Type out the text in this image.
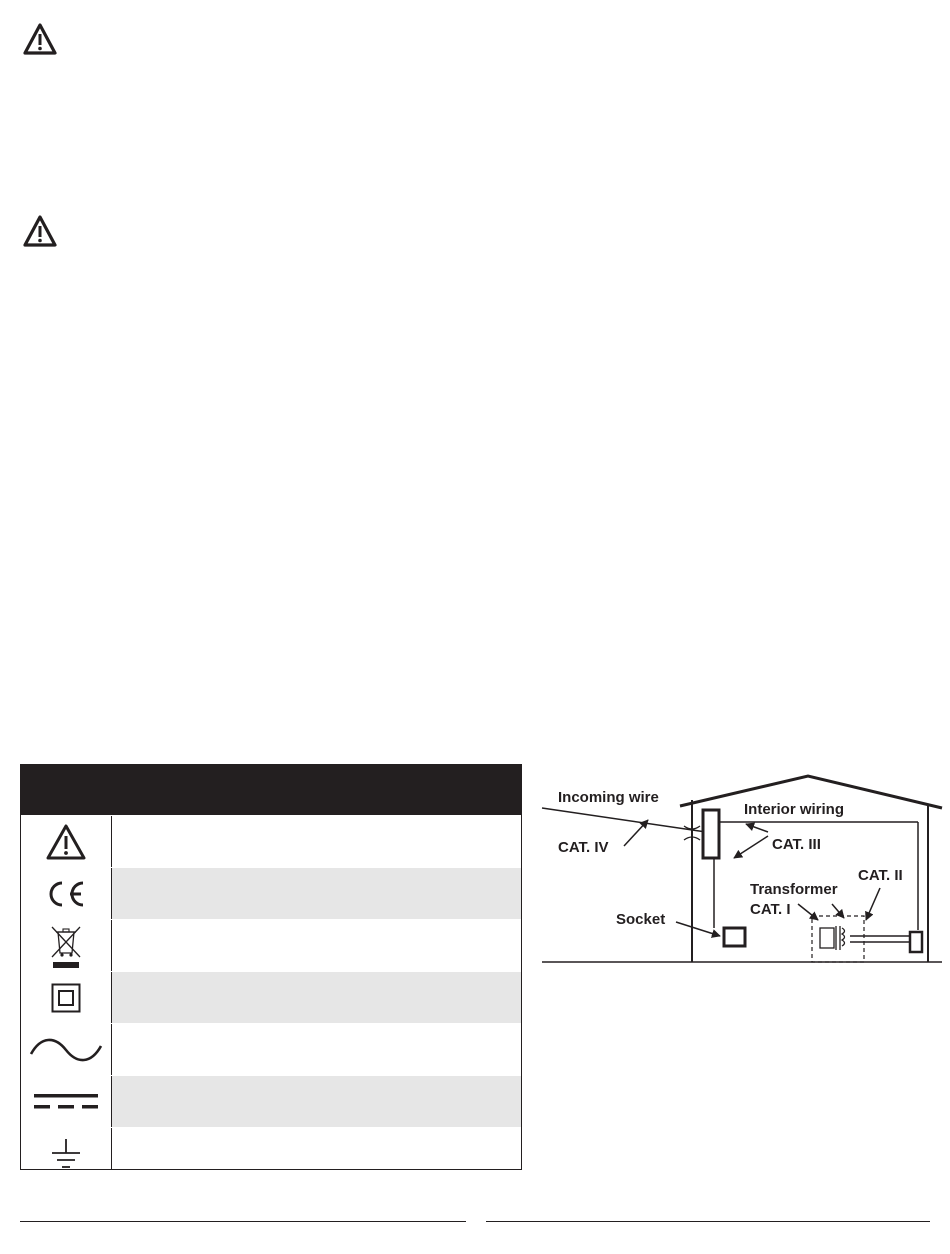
Incoming wire
Interior wiring
CAT. IV	CAT. III
Transformer
CAT. II
CAT. I
Socket
